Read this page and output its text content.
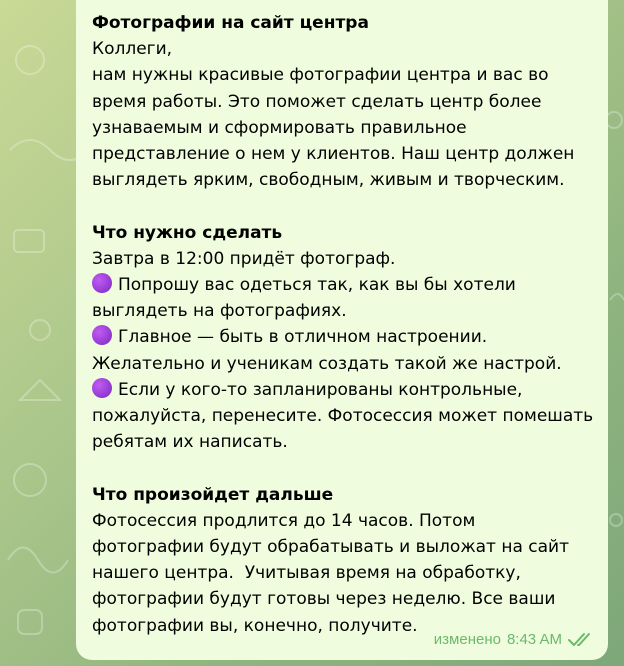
Фотографии на сайт центра

Коллеги,

нам нужны красивые фотографии центра и вас во

время работы. Это поможет сделать центр более

узнаваемым и сформировать правильное

представление о нем у клиентов. Наш центр должен

выглядеть ярким, свободным, живым и творческим.

Что нужно сделать

Завтра в 12:00 придёт фотограф.

Попрошу вас одеться так, как вы бы хотели

выглядеть на фотографиях.

Главное — быть в отличном настроении.

Желательно и ученикам создать такой же настрой.

Если у кого-то запланированы контрольные,

пожалуйста, перенесите. Фотосессия может помешать

ребятам их написать.

Что произойдет дальше

Фотосессия продлится до 14 часов. Потом

фотографии будут обрабатывать и выложат на сайт

нашего центра.  Учитывая время на обработку,

фотографии будут готовы через неделю. Все ваши

фотографии вы, конечно, получите.

изменено 8:43 AM
